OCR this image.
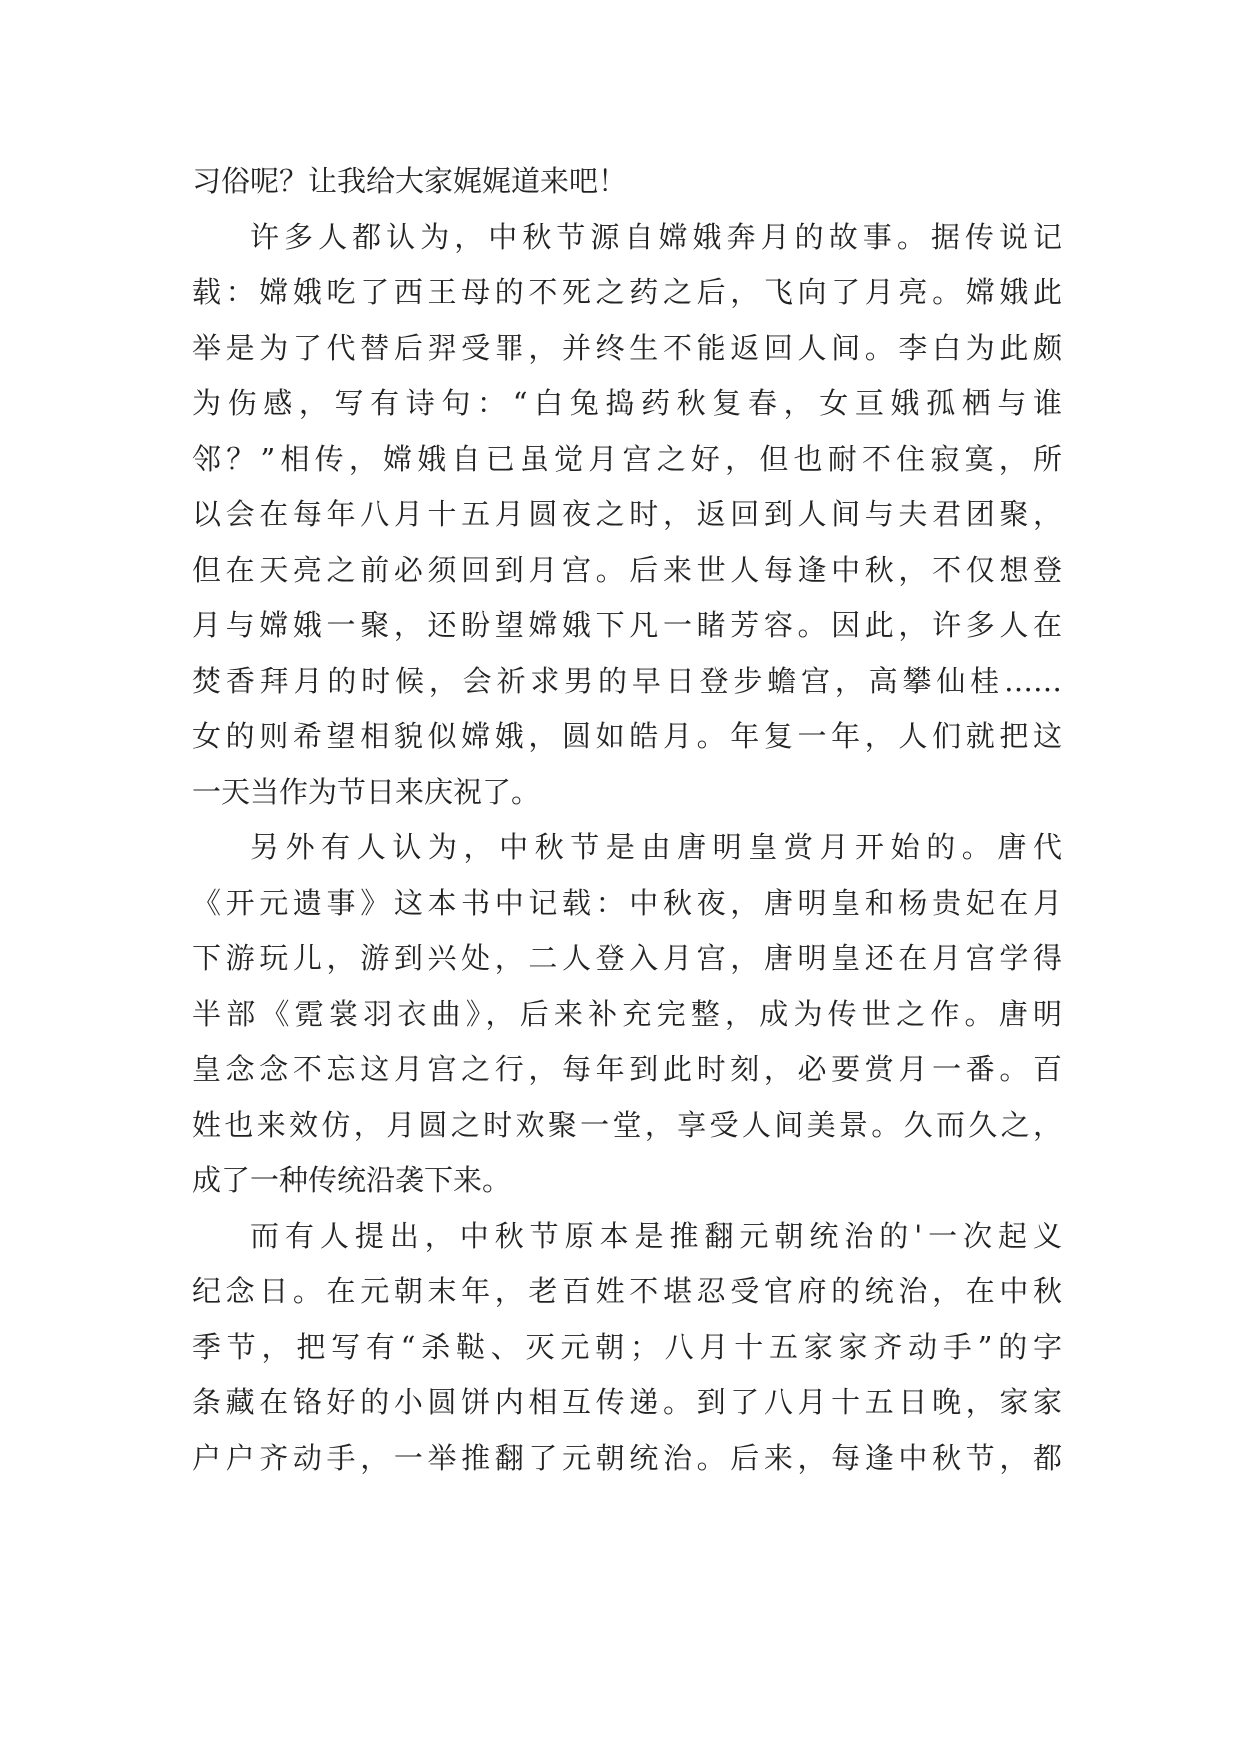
习俗呢？让我给大家娓娓道来吧！
许多人都认为，中秋节源自嫦娥奔月的故事。据传说记
载：嫦娥吃了西王母的不死之药之后，飞向了月亮。嫦娥此
举是为了代替后羿受罪，并终生不能返回人间。李白为此颇
为伤感，写有诗句：“白兔捣药秋复春，女亘娥孤栖与谁
邻？”相传，嫦娥自已虽觉月宫之好，但也耐不住寂寞，所
以会在每年八月十五月圆夜之时，返回到人间与夫君团聚，
但在天亮之前必须回到月宫。后来世人每逢中秋，不仅想登
月与嫦娥一聚，还盼望嫦娥下凡一睹芳容。因此，许多人在
焚香拜月的时候，会祈求男的早日登步蟾宫，高攀仙桂……
女的则希望相貌似嫦娥，圆如皓月。年复一年，人们就把这
一天当作为节日来庆祝了。
另外有人认为，中秋节是由唐明皇赏月开始的。唐代
《开元遗事》这本书中记载：中秋夜，唐明皇和杨贵妃在月
下游玩儿，游到兴处，二人登入月宫，唐明皇还在月宫学得
半部《霓裳羽衣曲》，后来补充完整，成为传世之作。唐明
皇念念不忘这月宫之行，每年到此时刻，必要赏月一番。百
姓也来效仿，月圆之时欢聚一堂，享受人间美景。久而久之，
成了一种传统沿袭下来。
而有人提出，中秋节原本是推翻元朝统治的'一次起义
纪念日。在元朝末年，老百姓不堪忍受官府的统治，在中秋
季节，把写有“杀鞑、灭元朝；八月十五家家齐动手”的字
条藏在铬好的小圆饼内相互传递。到了八月十五日晚，家家
户户齐动手，一举推翻了元朝统治。后来，每逢中秋节，都
